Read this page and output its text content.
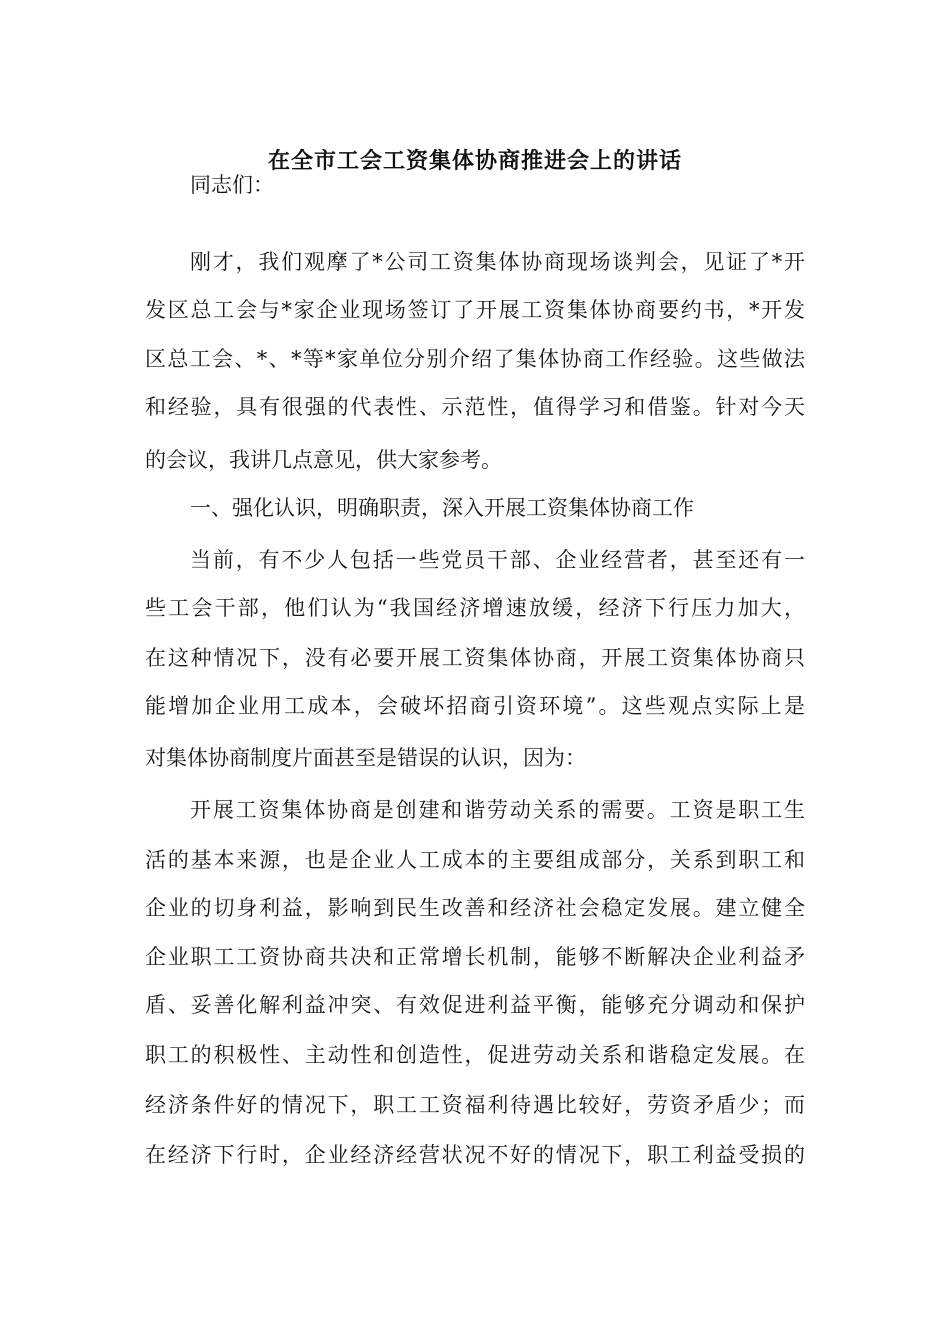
在全市工会工资集体协商推进会上的讲话
同志们：
刚才，我们观摩了*公司工资集体协商现场谈判会，见证了*开
发区总工会与*家企业现场签订了开展工资集体协商要约书，*开发
区总工会、*、*等*家单位分别介绍了集体协商工作经验。这些做法
和经验，具有很强的代表性、示范性，值得学习和借鉴。针对今天
的会议，我讲几点意见，供大家参考。
一、强化认识，明确职责，深入开展工资集体协商工作
当前，有不少人包括一些党员干部、企业经营者，甚至还有一
些工会干部，他们认为“我国经济增速放缓，经济下行压力加大，
在这种情况下，没有必要开展工资集体协商，开展工资集体协商只
能增加企业用工成本，会破坏招商引资环境”。这些观点实际上是
对集体协商制度片面甚至是错误的认识，因为：
开展工资集体协商是创建和谐劳动关系的需要。工资是职工生
活的基本来源，也是企业人工成本的主要组成部分，关系到职工和
企业的切身利益，影响到民生改善和经济社会稳定发展。建立健全
企业职工工资协商共决和正常增长机制，能够不断解决企业利益矛
盾、妥善化解利益冲突、有效促进利益平衡，能够充分调动和保护
职工的积极性、主动性和创造性，促进劳动关系和谐稳定发展。在
经济条件好的情况下，职工工资福利待遇比较好，劳资矛盾少；而
在经济下行时，企业经济经营状况不好的情况下，职工利益受损的
